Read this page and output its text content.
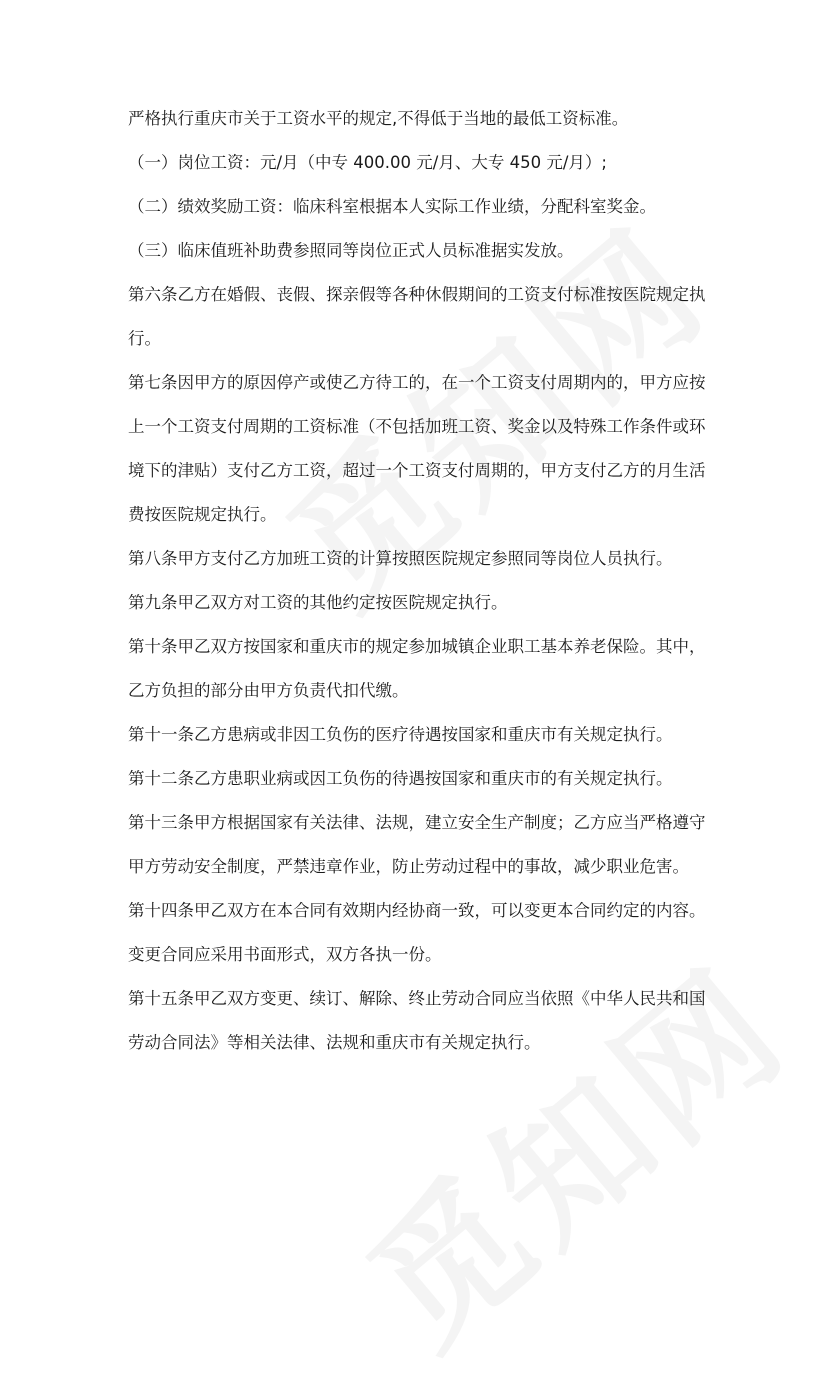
严格执行重庆市关于工资水平的规定,不得低于当地的最低工资标准。

（一）岗位工资：元/月（中专 400.00 元/月、大专 450 元/月）;

（二）绩效奖励工资：临床科室根据本人实际工作业绩，分配科室奖金。

（三）临床值班补助费参照同等岗位正式人员标准据实发放。

第六条乙方在婚假、丧假、探亲假等各种休假期间的工资支付标准按医院规定执

行。

第七条因甲方的原因停产或使乙方待工的，在一个工资支付周期内的，甲方应按

上一个工资支付周期的工资标准（不包括加班工资、奖金以及特殊工作条件或环

境下的津贴）支付乙方工资，超过一个工资支付周期的，甲方支付乙方的月生活

费按医院规定执行。

第八条甲方支付乙方加班工资的计算按照医院规定参照同等岗位人员执行。

第九条甲乙双方对工资的其他约定按医院规定执行。

第十条甲乙双方按国家和重庆市的规定参加城镇企业职工基本养老保险。其中，

乙方负担的部分由甲方负责代扣代缴。

第十一条乙方患病或非因工负伤的医疗待遇按国家和重庆市有关规定执行。

第十二条乙方患职业病或因工负伤的待遇按国家和重庆市的有关规定执行。

第十三条甲方根据国家有关法律、法规，建立安全生产制度；乙方应当严格遵守

甲方劳动安全制度，严禁违章作业，防止劳动过程中的事故，减少职业危害。

第十四条甲乙双方在本合同有效期内经协商一致，可以变更本合同约定的内容。

变更合同应采用书面形式，双方各执一份。

第十五条甲乙双方变更、续订、解除、终止劳动合同应当依照《中华人民共和国

劳动合同法》等相关法律、法规和重庆市有关规定执行。
